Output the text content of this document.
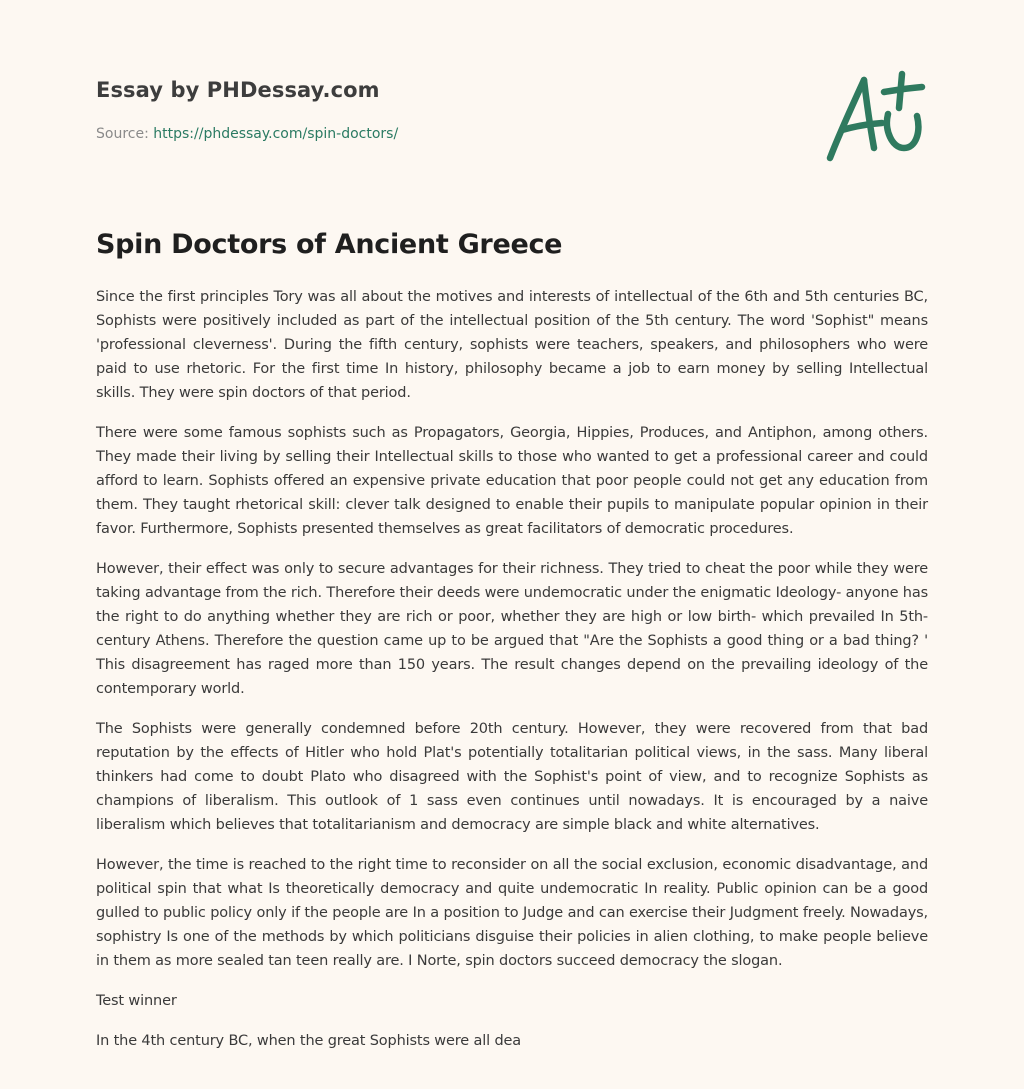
Essay by PHDessay.com
Source: https://phdessay.com/spin-doctors/
Spin Doctors of Ancient Greece

Since the first principles Tory was all about the motives and interests of intellectual of the 6th and 5th centuries BC, Sophists were positively included as part of the intellectual position of the 5th century. The word 'Sophist" means 'professional cleverness'. During the fifth century, sophists were teachers, speakers, and philosophers who were paid to use rhetoric. For the first time In history, philosophy became a job to earn money by selling Intellectual skills. They were spin doctors of that period.

There were some famous sophists such as Propagators, Georgia, Hippies, Produces, and Antiphon, among others. They made their living by selling their Intellectual skills to those who wanted to get a professional career and could afford to learn. Sophists offered an expensive private education that poor people could not get any education from them. They taught rhetorical skill: clever talk designed to enable their pupils to manipulate popular opinion in their favor. Furthermore, Sophists presented themselves as great facilitators of democratic procedures.

However, their effect was only to secure advantages for their richness. They tried to cheat the poor while they were taking advantage from the rich. Therefore their deeds were undemocratic under the enigmatic Ideology- anyone has the right to do anything whether they are rich or poor, whether they are high or low birth- which prevailed In 5th- century Athens. Therefore the question came up to be argued that "Are the Sophists a good thing or a bad thing? ' This disagreement has raged more than 150 years. The result changes depend on the prevailing ideology of the contemporary world.

The Sophists were generally condemned before 20th century. However, they were recovered from that bad reputation by the effects of Hitler who hold Plat's potentially totalitarian political views, in the sass. Many liberal thinkers had come to doubt Plato who disagreed with the Sophist's point of view, and to recognize Sophists as champions of liberalism. This outlook of 1 sass even continues until nowadays. It is encouraged by a naive liberalism which believes that totalitarianism and democracy are simple black and white alternatives.

However, the time is reached to the right time to reconsider on all the social exclusion, economic disadvantage, and political spin that what Is theoretically democracy and quite undemocratic In reality. Public opinion can be a good gulled to public policy only if the people are In a position to Judge and can exercise their Judgment freely. Nowadays, sophistry Is one of the methods by which politicians disguise their policies in alien clothing, to make people believe in them as more sealed tan teen really are. I Norte, spin doctors succeed democracy the slogan.

Test winner

In the 4th century BC, when the great Sophists were all dea
